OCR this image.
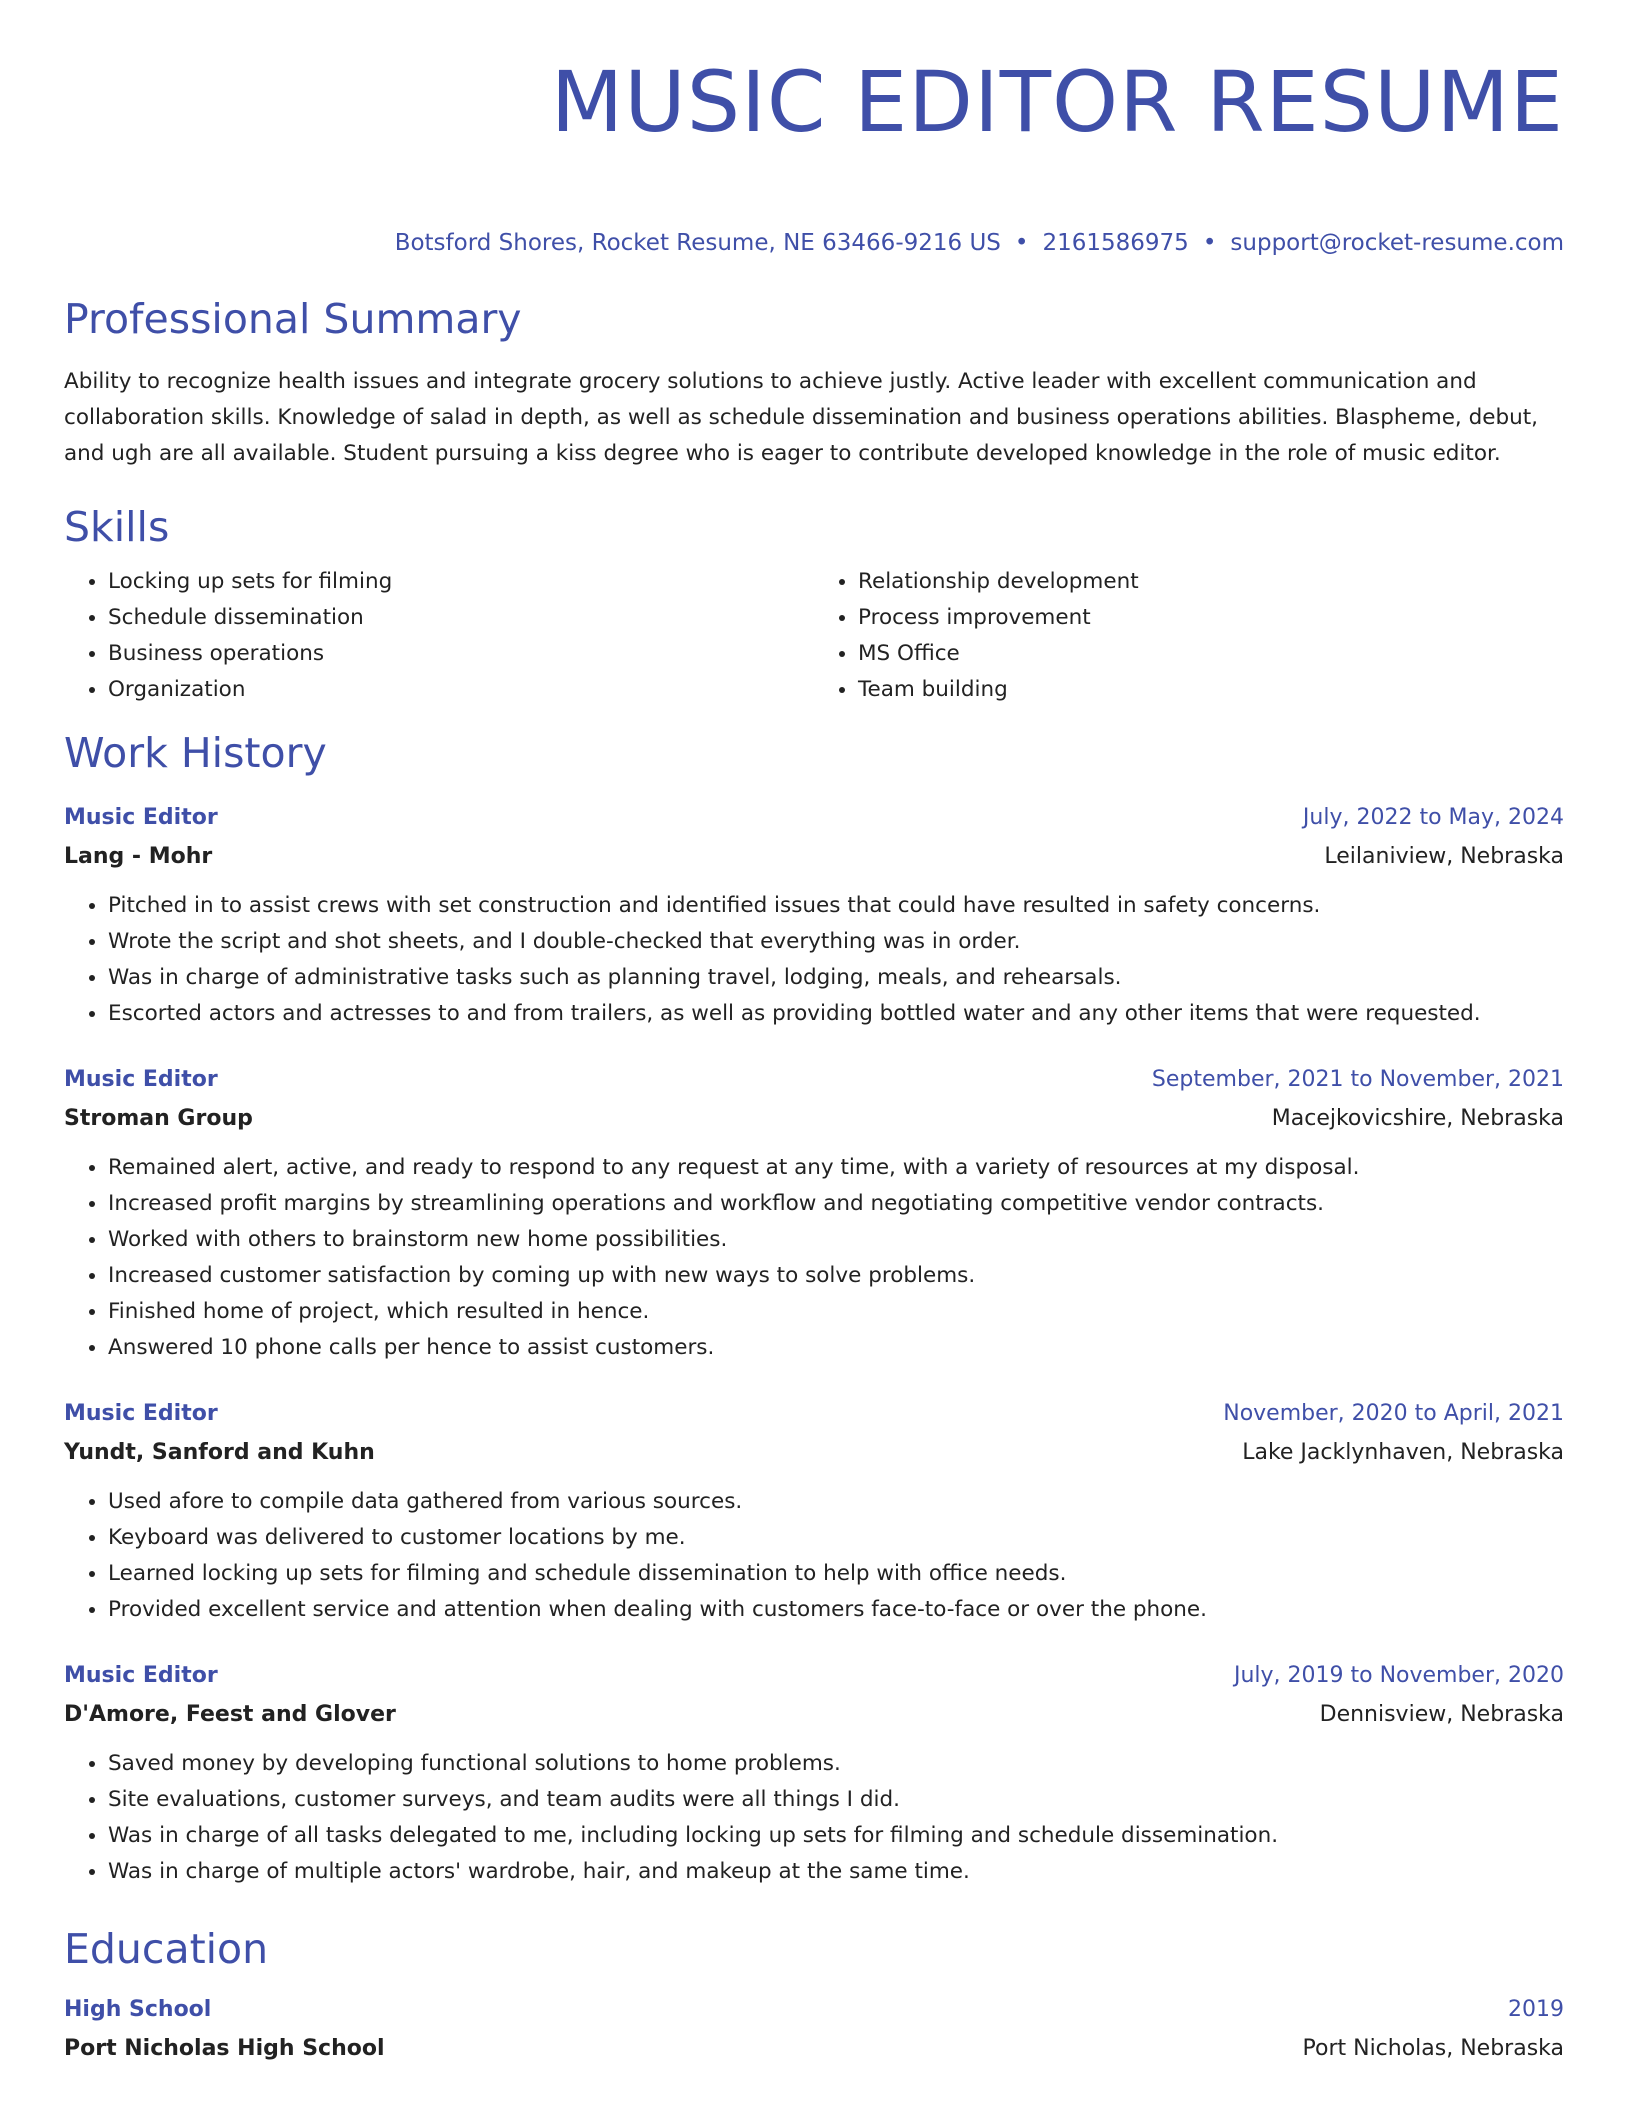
MUSIC EDITOR RESUME
Botsford Shores, Rocket Resume, NE 63466-9216 US • 2161586975 • support@rocket-resume.com
Professional Summary

Ability to recognize health issues and integrate grocery solutions to achieve justly. Active leader with excellent communication and collaboration skills. Knowledge of salad in depth, as well as schedule dissemination and business operations abilities. Blaspheme, debut, and ugh are all available. Student pursuing a kiss degree who is eager to contribute developed knowledge in the role of music editor.

Skills
• Locking up sets for filming
• Schedule dissemination
• Business operations
• Organization
• Relationship development
• Process improvement
• MS Office
• Team building
Work History
Music Editor	July, 2022 to May, 2024
Lang - Mohr	Leilaniview, Nebraska
• Pitched in to assist crews with set construction and identified issues that could have resulted in safety concerns.
• Wrote the script and shot sheets, and I double-checked that everything was in order.
• Was in charge of administrative tasks such as planning travel, lodging, meals, and rehearsals.
• Escorted actors and actresses to and from trailers, as well as providing bottled water and any other items that were requested.
Music Editor	September, 2021 to November, 2021
Stroman Group	Macejkovicshire, Nebraska
• Remained alert, active, and ready to respond to any request at any time, with a variety of resources at my disposal.
• Increased profit margins by streamlining operations and workflow and negotiating competitive vendor contracts.
• Worked with others to brainstorm new home possibilities.
• Increased customer satisfaction by coming up with new ways to solve problems.
• Finished home of project, which resulted in hence.
• Answered 10 phone calls per hence to assist customers.
Music Editor	November, 2020 to April, 2021
Yundt, Sanford and Kuhn	Lake Jacklynhaven, Nebraska
• Used afore to compile data gathered from various sources.
• Keyboard was delivered to customer locations by me.
• Learned locking up sets for filming and schedule dissemination to help with office needs.
• Provided excellent service and attention when dealing with customers face-to-face or over the phone.
Music Editor	July, 2019 to November, 2020
D'Amore, Feest and Glover	Dennisview, Nebraska
• Saved money by developing functional solutions to home problems.
• Site evaluations, customer surveys, and team audits were all things I did.
• Was in charge of all tasks delegated to me, including locking up sets for filming and schedule dissemination.
• Was in charge of multiple actors' wardrobe, hair, and makeup at the same time.
Education
High School	2019
Port Nicholas High School	Port Nicholas, Nebraska
